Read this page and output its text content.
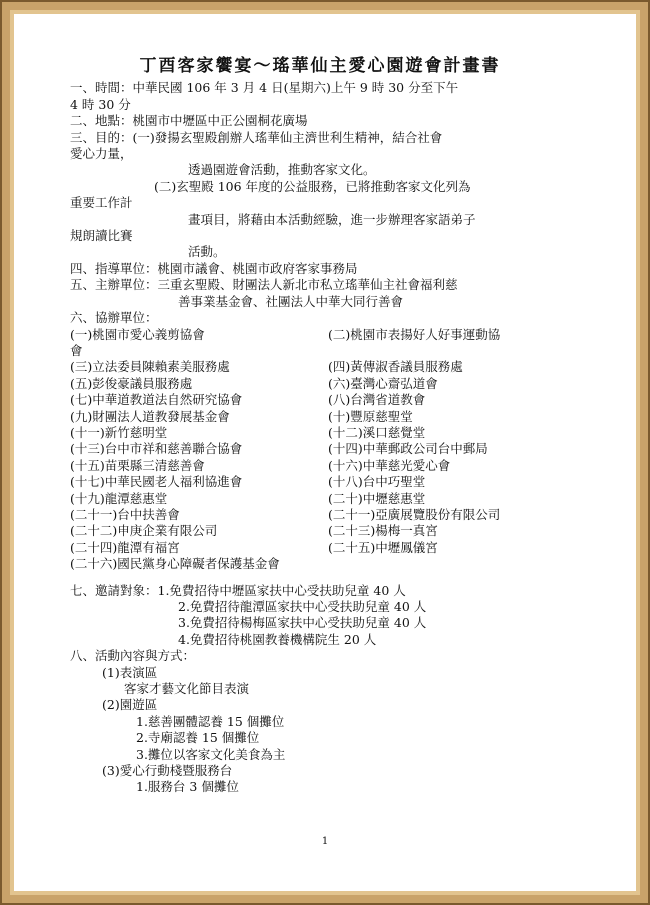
丁酉客家饗宴～瑤華仙主愛心園遊會計畫書
一、時間：中華民國 106 年 3 月 4 日(星期六)上午 9 時 30 分至下午
4 時 30 分
二、地點：桃園市中壢區中正公園桐花廣場
三、目的：(一)發揚玄聖殿創辦人瑤華仙主濟世利生精神，結合社會
愛心力量，
透過園遊會活動，推動客家文化。
(二)玄聖殿 106 年度的公益服務，已將推動客家文化列為
重要工作計
畫項目，將藉由本活動經驗，進一步辦理客家語弟子
規朗讀比賽
活動。
四、指導單位：桃園市議會、桃園市政府客家事務局
五、主辦單位：三重玄聖殿、財團法人新北市私立瑤華仙主社會福利慈
善事業基金會、社團法人中華大同行善會
六、協辦單位：
(一)桃園市愛心義剪協會	(二)桃園市表揚好人好事運動協
會
(三)立法委員陳賴素美服務處	(四)黃傳淑香議員服務處
(五)彭俊豪議員服務處	(六)臺灣心齋弘道會
(七)中華道教道法自然研究協會	(八)台灣省道教會
(九)財團法人道教發展基金會	(十)豐原慈聖堂
(十一)新竹慈明堂	(十二)溪口慈覺堂
(十三)台中市祥和慈善聯合協會	(十四)中華郵政公司台中郵局
(十五)苗栗縣三清慈善會	(十六)中華慈光愛心會
(十七)中華民國老人福利協進會	(十八)台中巧聖堂
(十九)龍潭慈惠堂	(二十)中壢慈惠堂
(二十一)台中扶善會	(二十一)亞廣展覽股份有限公司
(二十二)申庚企業有限公司	(二十三)楊梅一真宮
(二十四)龍潭有福宮	(二十五)中壢鳳儀宮
(二十六)國民黨身心障礙者保護基金會
七、邀請對象：1.免費招待中壢區家扶中心受扶助兒童 40 人
2.免費招待龍潭區家扶中心受扶助兒童 40 人
3.免費招待楊梅區家扶中心受扶助兒童 40 人
4.免費招待桃園教養機構院生 20 人
八、活動內容與方式：
(1)表演區
客家才藝文化節目表演
(2)園遊區
1.慈善團體認養 15 個攤位
2.寺廟認養 15 個攤位
3.攤位以客家文化美食為主
(3)愛心行動棧暨服務台
1.服務台 3 個攤位
1
